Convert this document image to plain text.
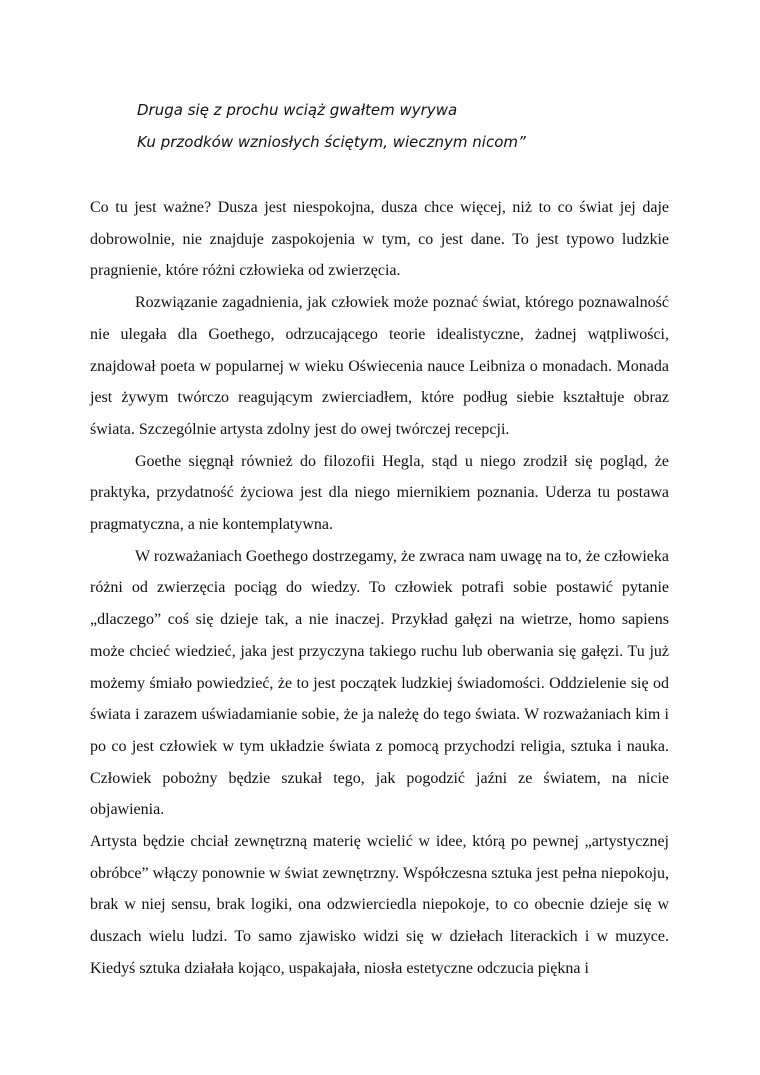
Druga się z prochu wciąż gwałtem wyrywa
Ku przodków wzniosłych ściętym, wiecznym nicom”

Co tu jest ważne? Dusza jest niespokojna, dusza chce więcej, niż to co świat jej daje dobrowolnie, nie znajduje zaspokojenia w tym, co jest dane. To jest typowo ludzkie pragnienie, które różni człowieka od zwierzęcia.

Rozwiązanie zagadnienia, jak człowiek może poznać świat, którego poznawalność nie ulegała dla Goethego, odrzucającego teorie idealistyczne, żadnej wątpliwości, znajdował poeta w popularnej w wieku Oświecenia nauce Leibniza o monadach. Monada jest żywym twórczo reagującym zwierciadłem, które podług siebie kształtuje obraz świata. Szczególnie artysta zdolny jest do owej twórczej recepcji.

Goethe sięgnął również do filozofii Hegla, stąd u niego zrodził się pogląd, że praktyka, przydatność życiowa jest dla niego miernikiem poznania. Uderza tu postawa pragmatyczna, a nie kontemplatywna.

W rozważaniach Goethego dostrzegamy, że zwraca nam uwagę na to, że człowieka różni od zwierzęcia pociąg do wiedzy. To człowiek potrafi sobie postawić pytanie „dlaczego” coś się dzieje tak, a nie inaczej. Przykład gałęzi na wietrze, homo sapiens może chcieć wiedzieć, jaka jest przyczyna takiego ruchu lub oberwania się gałęzi. Tu już możemy śmiało powiedzieć, że to jest początek ludzkiej świadomości. Oddzielenie się od świata i zarazem uświadamianie sobie, że ja należę do tego świata. W rozważaniach kim i po co jest człowiek w tym układzie świata z pomocą przychodzi religia, sztuka i nauka. Człowiek pobożny będzie szukał tego, jak pogodzić jaźni ze światem, na nicie objawienia.

Artysta będzie chciał zewnętrzną materię wcielić w idee, którą po pewnej „artystycznej obróbce” włączy ponownie w świat zewnętrzny. Współczesna sztuka jest pełna niepokoju, brak w niej sensu, brak logiki, ona odzwierciedla niepokoje, to co obecnie dzieje się w duszach wielu ludzi. To samo zjawisko widzi się w dziełach literackich i w muzyce. Kiedyś sztuka działała kojąco, uspakajała, niosła estetyczne odczucia piękna i
